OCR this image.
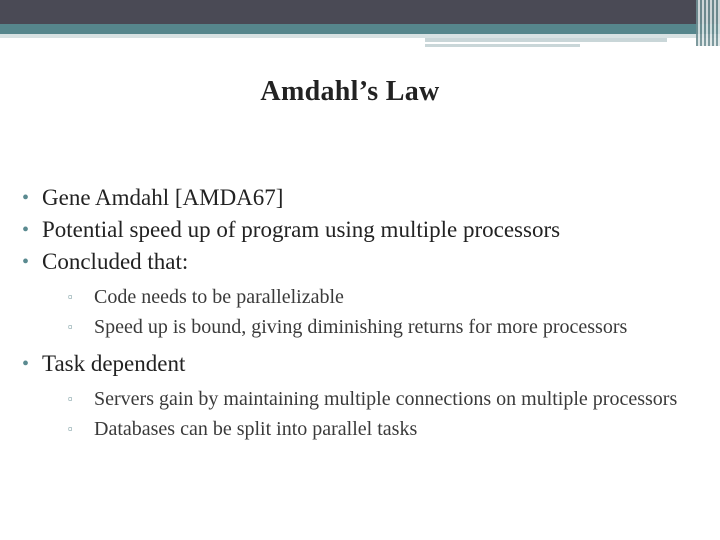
Amdahl’s Law
• Gene Amdahl [AMDA67]
• Potential speed up of program using multiple processors
• Concluded that:
▫ Code needs to be parallelizable
▫ Speed up is bound, giving diminishing returns for more processors
• Task dependent
▫ Servers gain by maintaining multiple connections on multiple processors
▫ Databases can be split into parallel tasks
